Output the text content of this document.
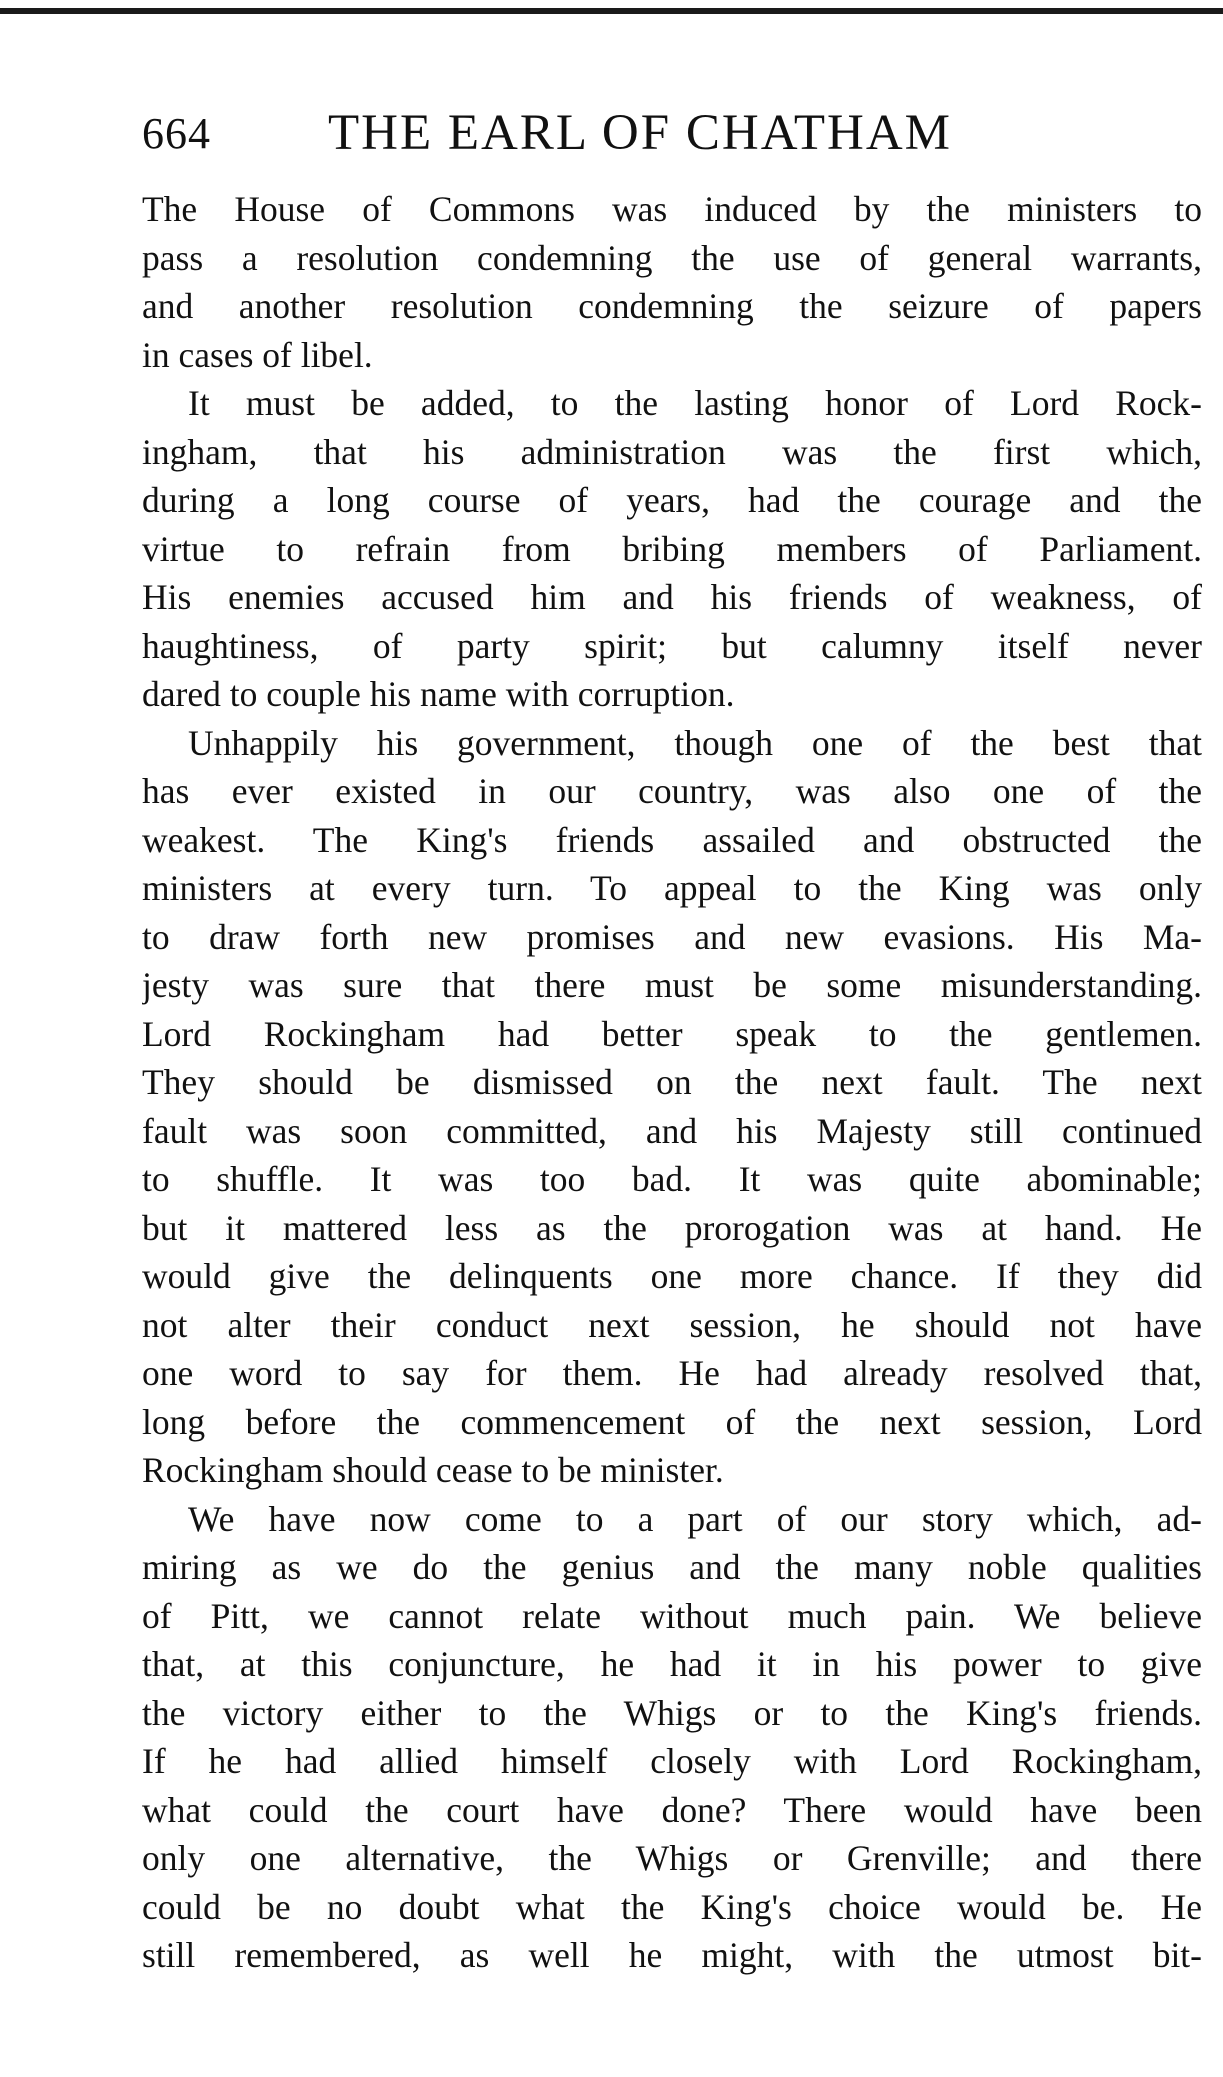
664 THE EARL OF CHATHAM
The House of Commons was induced by the ministers to
pass a resolution condemning the use of general warrants,
and another resolution condemning the seizure of papers
in cases of libel.
It must be added, to the lasting honor of Lord Rock-
ingham, that his administration was the first which,
during a long course of years, had the courage and the
virtue to refrain from bribing members of Parliament.
His enemies accused him and his friends of weakness, of
haughtiness, of party spirit; but calumny itself never
dared to couple his name with corruption.
Unhappily his government, though one of the best that
has ever existed in our country, was also one of the
weakest. The King's friends assailed and obstructed the
ministers at every turn. To appeal to the King was only
to draw forth new promises and new evasions. His Ma-
jesty was sure that there must be some misunderstanding.
Lord Rockingham had better speak to the gentlemen.
They should be dismissed on the next fault. The next
fault was soon committed, and his Majesty still continued
to shuffle. It was too bad. It was quite abominable;
but it mattered less as the prorogation was at hand. He
would give the delinquents one more chance. If they did
not alter their conduct next session, he should not have
one word to say for them. He had already resolved that,
long before the commencement of the next session, Lord
Rockingham should cease to be minister.
We have now come to a part of our story which, ad-
miring as we do the genius and the many noble qualities
of Pitt, we cannot relate without much pain. We believe
that, at this conjuncture, he had it in his power to give
the victory either to the Whigs or to the King's friends.
If he had allied himself closely with Lord Rockingham,
what could the court have done? There would have been
only one alternative, the Whigs or Grenville; and there
could be no doubt what the King's choice would be. He
still remembered, as well he might, with the utmost bit-
